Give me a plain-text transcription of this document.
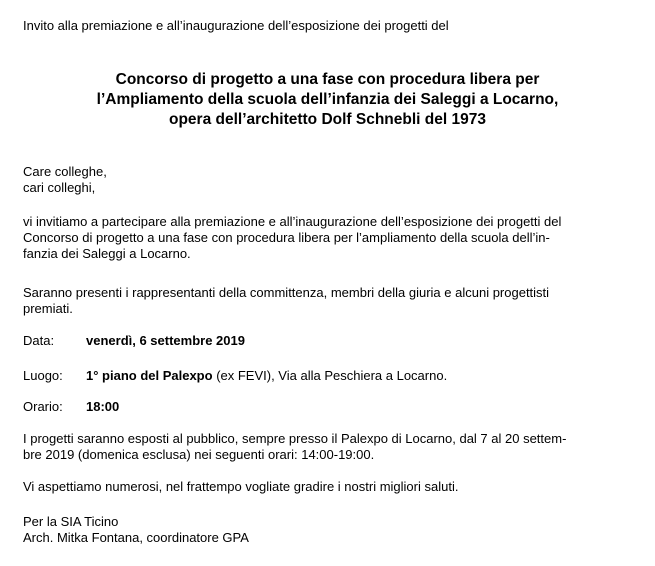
Invito alla premiazione e all’inaugurazione dell’esposizione dei progetti del
Concorso di progetto a una fase con procedura libera per
l’Ampliamento della scuola dell’infanzia dei Saleggi a Locarno,
opera dell’architetto Dolf Schnebli del 1973
Care colleghe,
cari colleghi,
vi invitiamo a partecipare alla premiazione e all’inaugurazione dell’esposizione dei progetti del
Concorso di progetto a una fase con procedura libera per l’ampliamento della scuola dell’in-
fanzia dei Saleggi a Locarno.
Saranno presenti i rappresentanti della committenza, membri della giuria e alcuni progettisti
premiati.
Data: venerdì, 6 settembre 2019
Luogo: 1° piano del Palexpo (ex FEVI), Via alla Peschiera a Locarno.
Orario: 18:00
I progetti saranno esposti al pubblico, sempre presso il Palexpo di Locarno, dal 7 al 20 settem-
bre 2019 (domenica esclusa) nei seguenti orari: 14:00-19:00.
Vi aspettiamo numerosi, nel frattempo vogliate gradire i nostri migliori saluti.
Per la SIA Ticino
Arch. Mitka Fontana, coordinatore GPA
